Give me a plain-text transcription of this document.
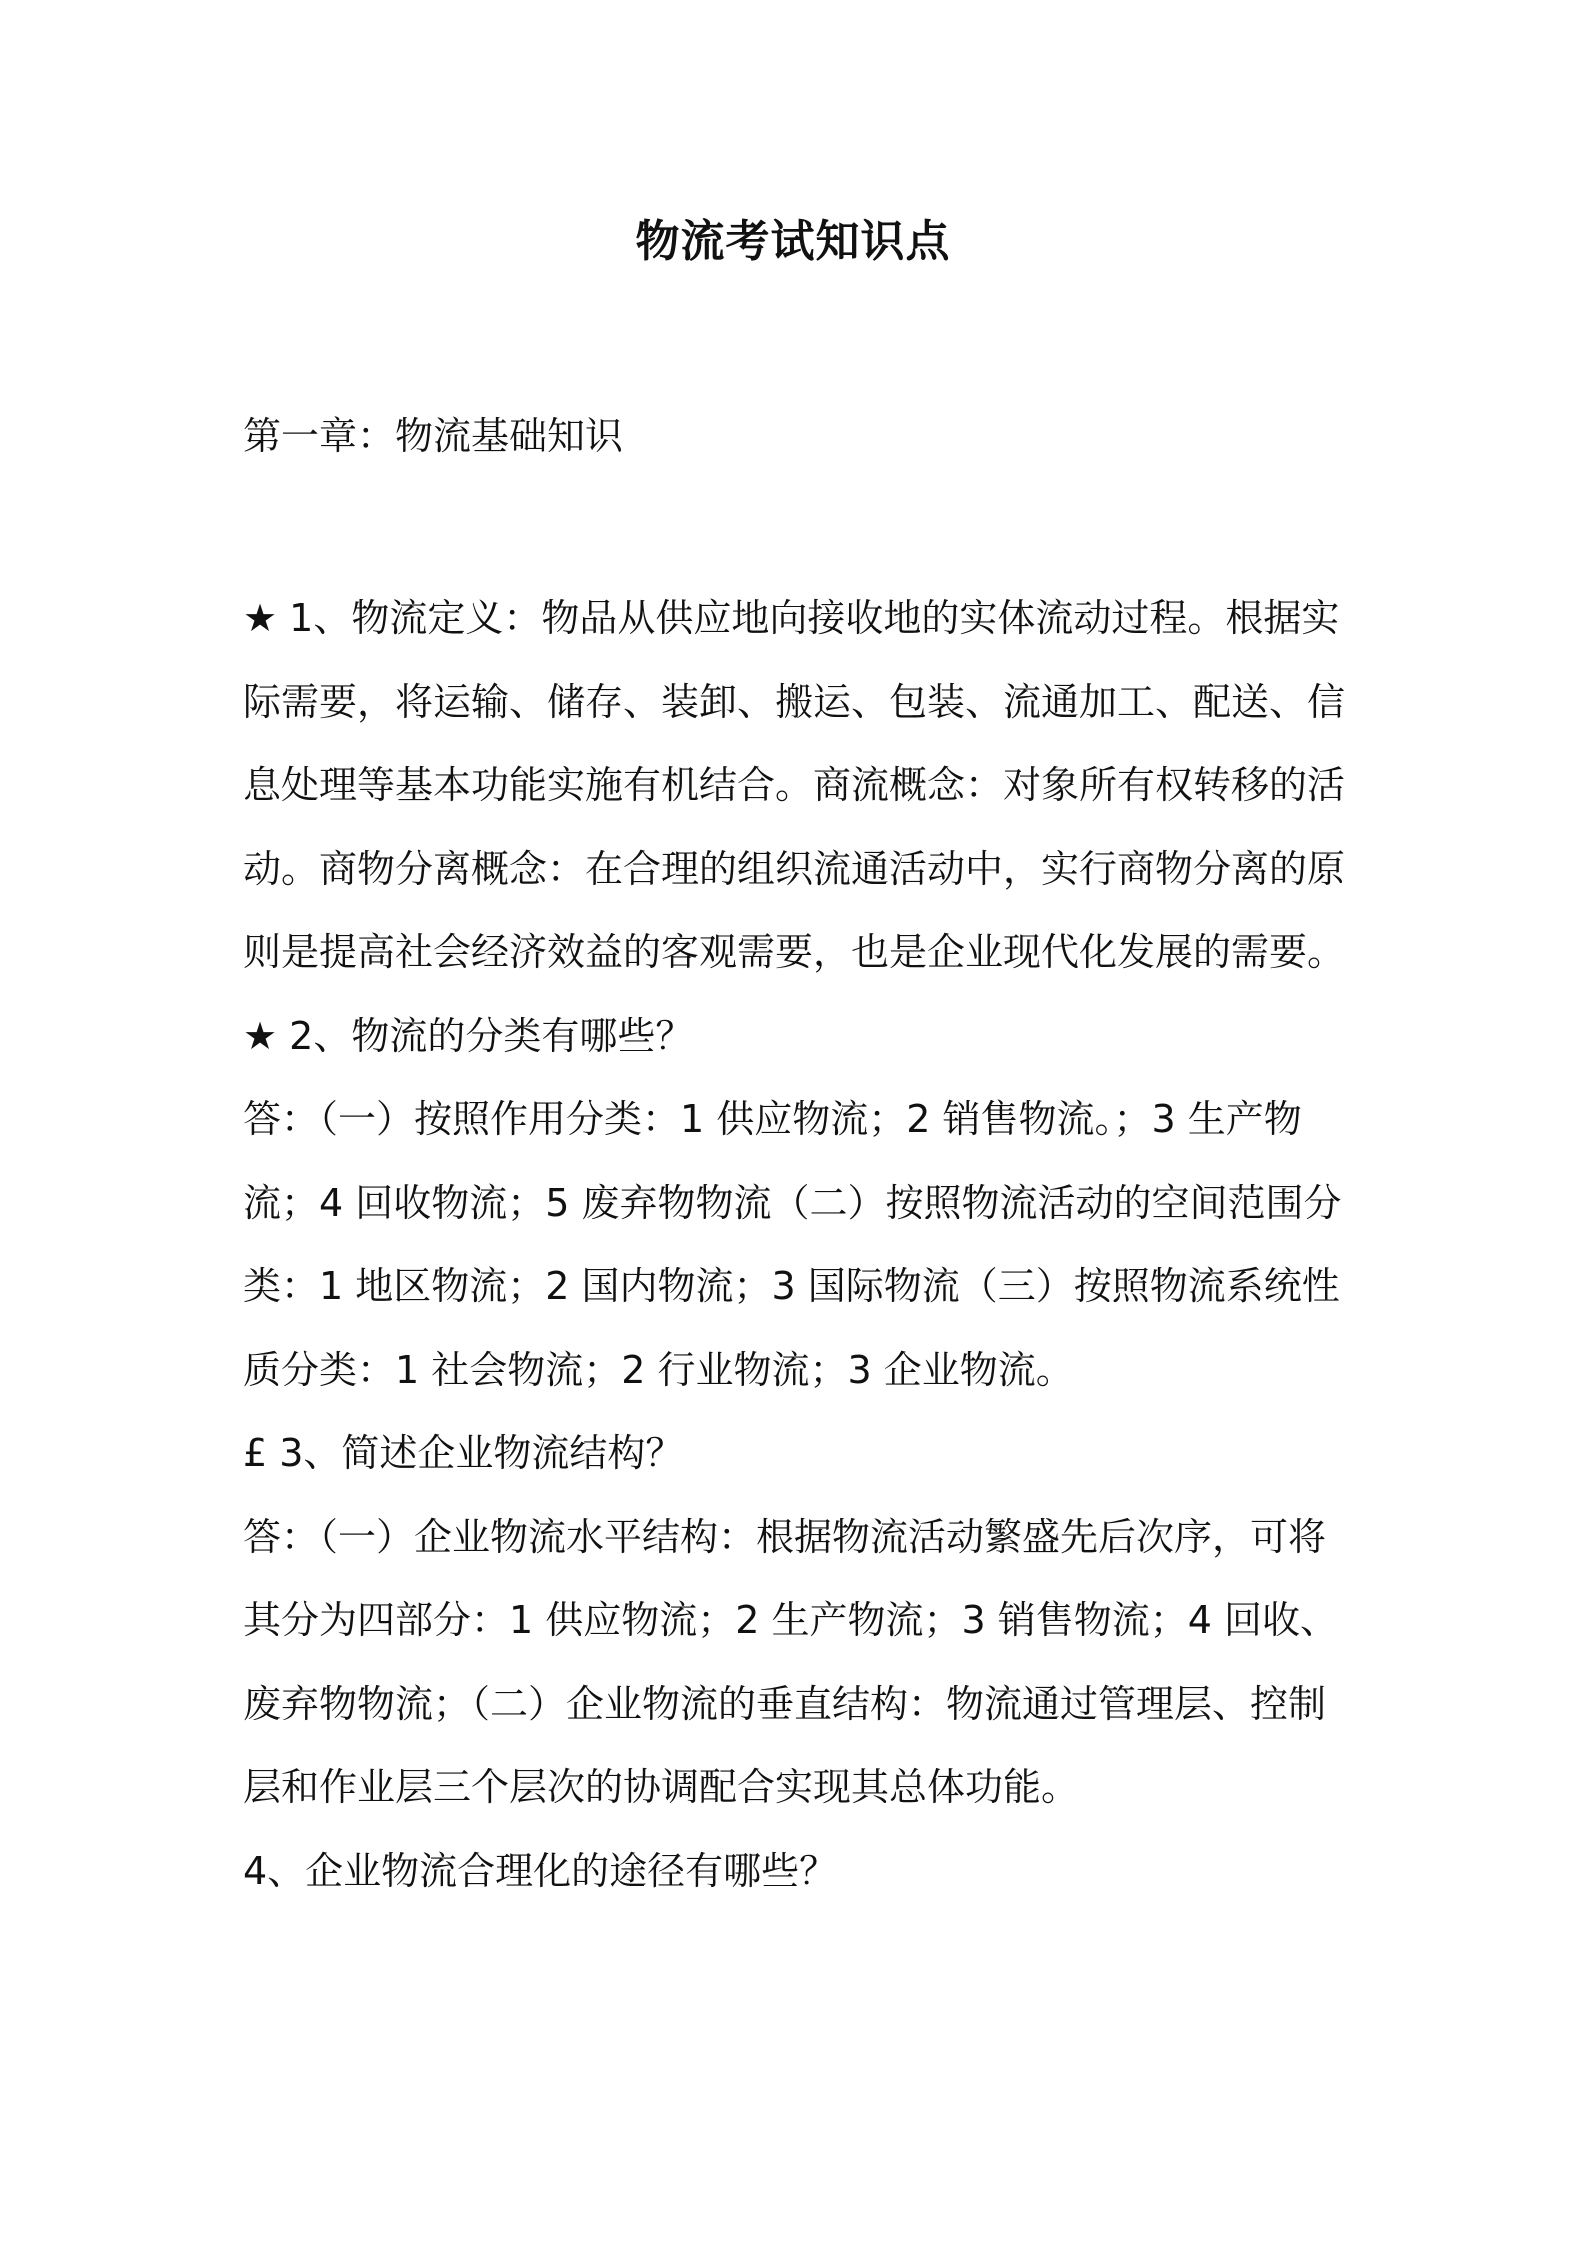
物流考试知识点
第一章：物流基础知识

★ 1、物流定义：物品从供应地向接收地的实体流动过程。根据实际需要，将运输、储存、装卸、搬运、包装、流通加工、配送、信息处理等基本功能实施有机结合。商流概念：对象所有权转移的活动。商物分离概念：在合理的组织流通活动中，实行商物分离的原则是提高社会经济效益的客观需要，也是企业现代化发展的需要。

★ 2、物流的分类有哪些？

答：（一）按照作用分类：1 供应物流；2 销售物流。；3 生产物流；4 回收物流；5 废弃物物流（二）按照物流活动的空间范围分类：1 地区物流；2 国内物流；3 国际物流（三）按照物流系统性质分类：1 社会物流；2 行业物流；3 企业物流。

£ 3、简述企业物流结构？

答：（一）企业物流水平结构：根据物流活动繁盛先后次序，可将其分为四部分：1 供应物流；2 生产物流；3 销售物流；4 回收、废弃物物流；（二）企业物流的垂直结构：物流通过管理层、控制层和作业层三个层次的协调配合实现其总体功能。

4、企业物流合理化的途径有哪些？
